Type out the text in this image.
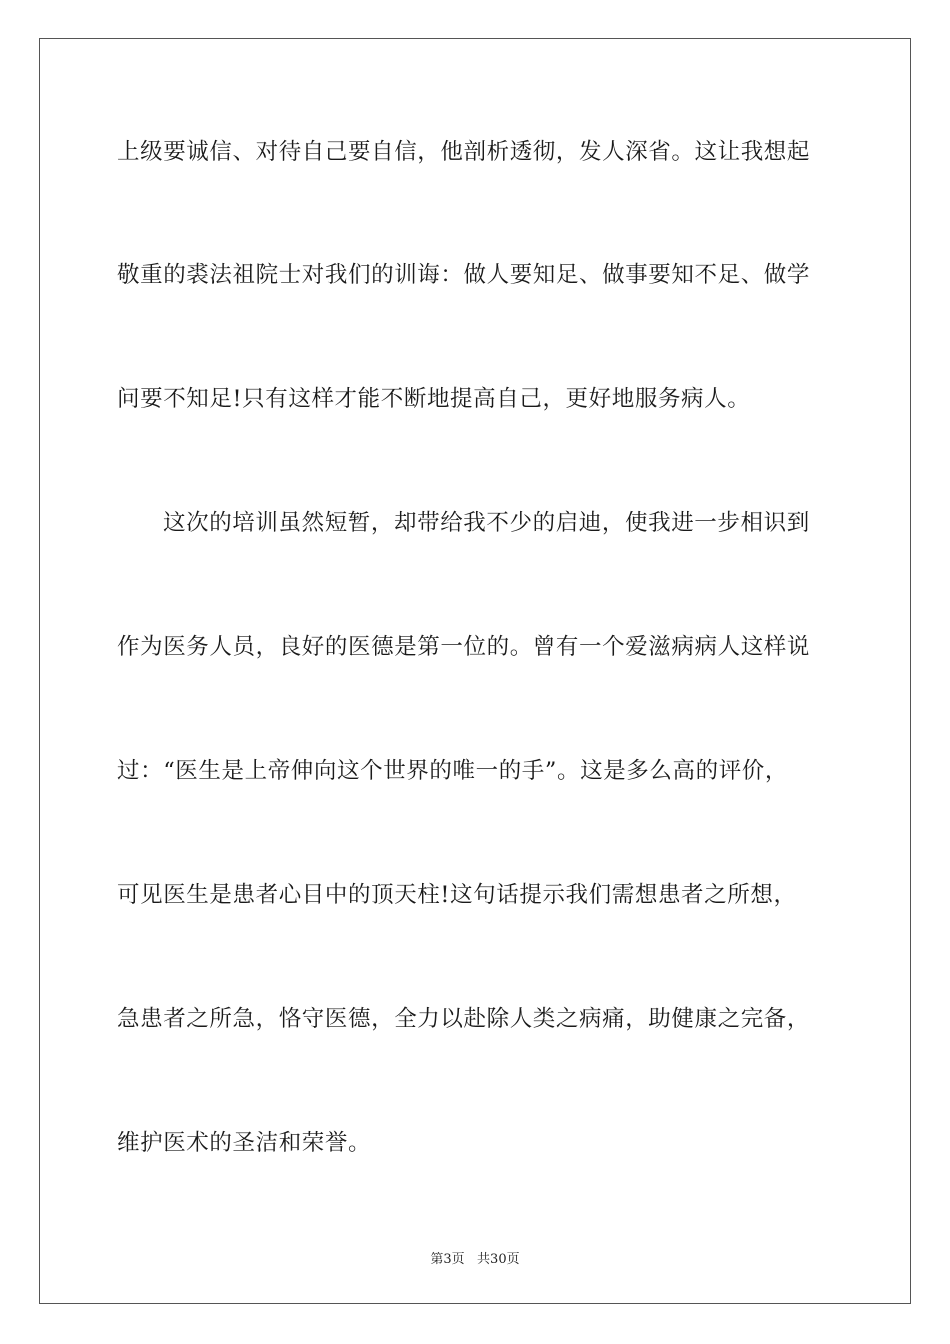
上级要诚信、对待自己要自信，他剖析透彻，发人深省。这让我想起
敬重的裘法祖院士对我们的训诲：做人要知足、做事要知不足、做学
问要不知足!只有这样才能不断地提高自己，更好地服务病人。
这次的培训虽然短暂，却带给我不少的启迪，使我进一步相识到
作为医务人员，良好的医德是第一位的。曾有一个爱滋病病人这样说
过：“医生是上帝伸向这个世界的唯一的手”。这是多么高的评价，
可见医生是患者心目中的顶天柱!这句话提示我们需想患者之所想，
急患者之所急，恪守医德，全力以赴除人类之病痛，助健康之完备，
维护医术的圣洁和荣誉。
第3页   共30页
